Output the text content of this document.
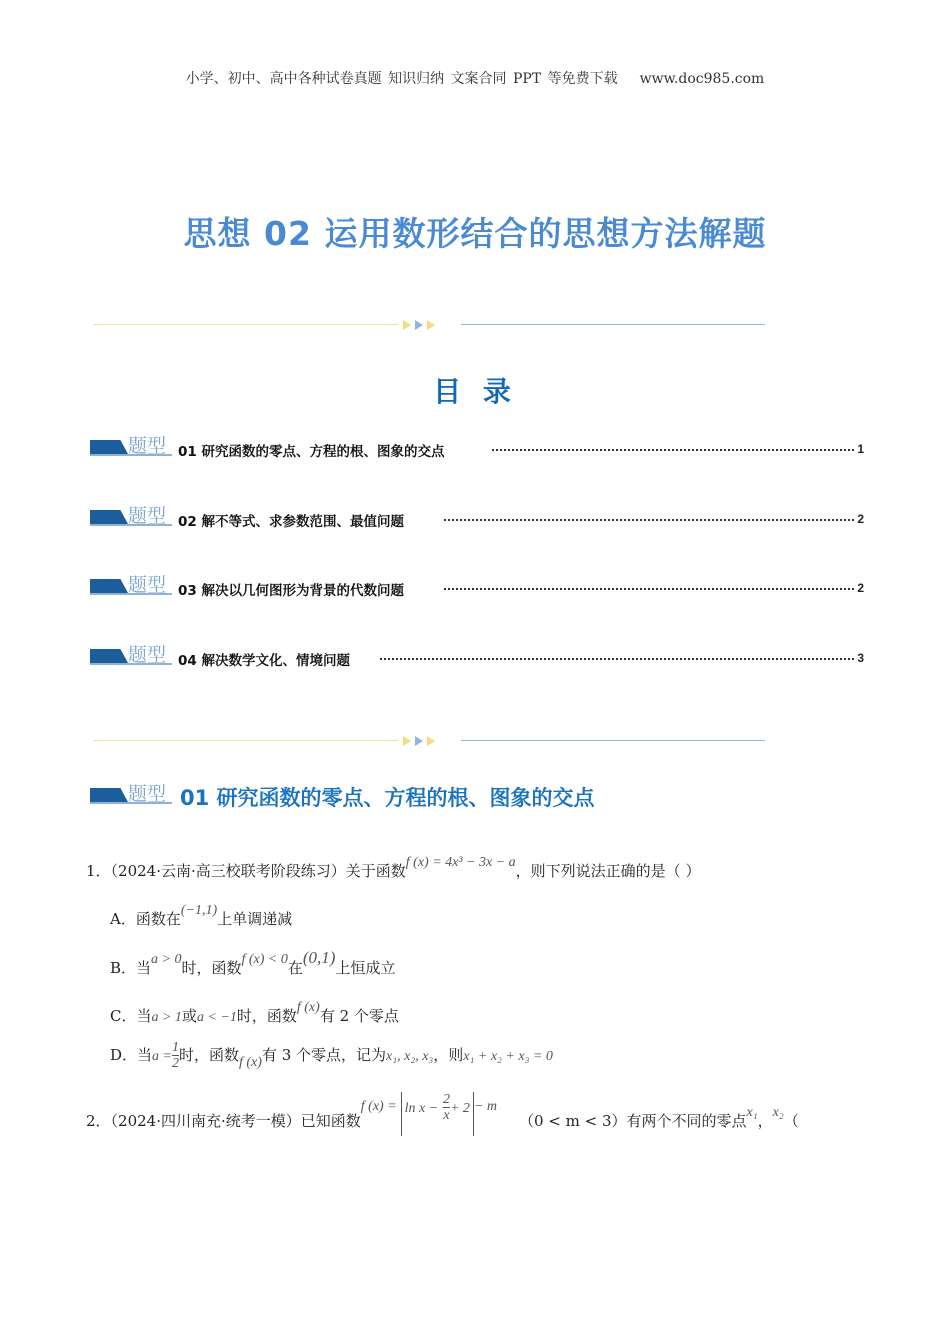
小学、初中、高中各种试卷真题 知识归纳 文案合同 PPT 等免费下载 www.doc985.com
思想 02 运用数形结合的思想方法解题
目 录
题型 01 研究函数的零点、方程的根、图象的交点	1
题型 02 解不等式、求参数范围、最值问题	2
题型 03 解决以几何图形为背景的代数问题	2
题型 04 解决数学文化、情境问题	3
题型 01 研究函数的零点、方程的根、图象的交点
1．（2024·云南·高三校联考阶段练习）关于函数f (x) = 4x³ − 3x − a，则下列说法正确的是（ ）
A．函数在(−1,1)上单调递减
B．当a > 0时，函数f (x) < 0在(0,1)上恒成立
C．当a > 1或a < −1时，函数f (x)有 2 个零点
D．当$a = \frac{1}{2}$ 时，函数f (x)有 3 个零点，记为x₁, x₂, x₃，则x₁ + x₂ + x₃ = 0
2．（2024·四川南充·统考一模）已知函数f $(x) = \ln x - \frac{2}{x} + 2 - m(0 < m < 3)$有两个不同的零点x₁，x₂（
